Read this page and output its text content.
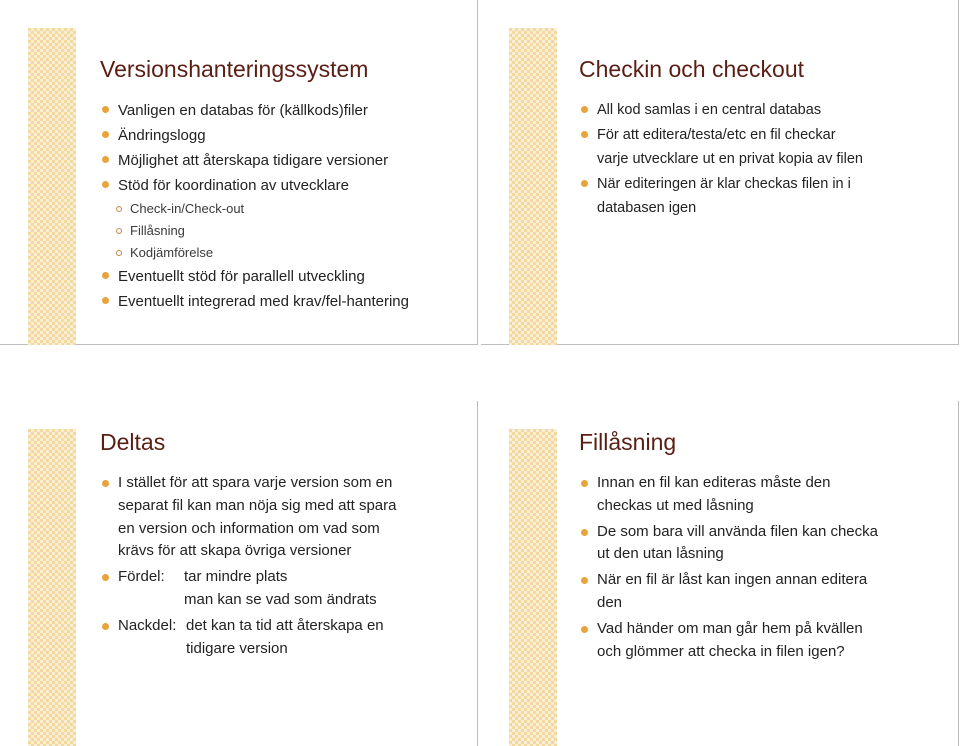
Versionshanteringssystem
Vanligen en databas för (källkods)filer
Ändringslogg
Möjlighet att återskapa tidigare versioner
Stöd för koordination av utvecklare
Check-in/Check-out
Fillåsning
Kodjämförelse
Eventuellt stöd för parallell utveckling
Eventuellt integrerad med krav/fel-hantering
Checkin och checkout
All kod samlas i en central databas
För att editera/testa/etc en fil checkar
varje utvecklare ut en privat kopia av filen
När editeringen är klar checkas filen in i
databasen igen
Deltas
I stället för att spara varje version som en
separat fil kan man nöja sig med att spara
en version och information om vad som
krävs för att skapa övriga versioner
Fördel: tar mindre plats
man kan se vad som ändrats
Nackdel: det kan ta tid att återskapa en
tidigare version
Fillåsning
Innan en fil kan editeras måste den
checkas ut med låsning
De som bara vill använda filen kan checka
ut den utan låsning
När en fil är låst kan ingen annan editera
den
Vad händer om man går hem på kvällen
och glömmer att checka in filen igen?
